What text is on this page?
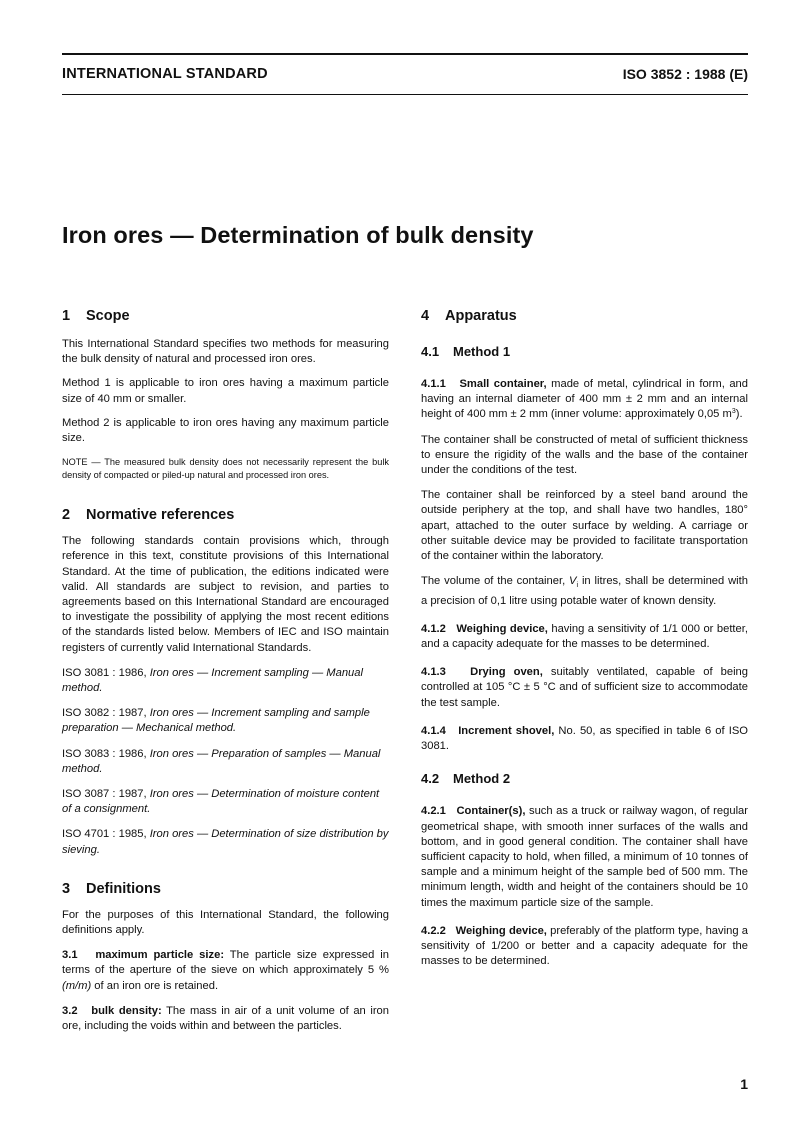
INTERNATIONAL STANDARD	ISO 3852 : 1988 (E)
Iron ores — Determination of bulk density
1 Scope

This International Standard specifies two methods for measuring the bulk density of natural and processed iron ores.

Method 1 is applicable to iron ores having a maximum particle size of 40 mm or smaller.

Method 2 is applicable to iron ores having any maximum particle size.

NOTE — The measured bulk density does not necessarily represent the bulk density of compacted or piled-up natural and processed iron ores.

2 Normative references

The following standards contain provisions which, through reference in this text, constitute provisions of this International Standard. At the time of publication, the editions indicated were valid. All standards are subject to revision, and parties to agreements based on this International Standard are encouraged to investigate the possibility of applying the most recent editions of the standards listed below. Members of IEC and ISO maintain registers of currently valid International Standards.

ISO 3081 : 1986, Iron ores — Increment sampling — Manual method.

ISO 3082 : 1987, Iron ores — Increment sampling and sample preparation — Mechanical method.

ISO 3083 : 1986, Iron ores — Preparation of samples — Manual method.

ISO 3087 : 1987, Iron ores — Determination of moisture content of a consignment.

ISO 4701 : 1985, Iron ores — Determination of size distribution by sieving.

3 Definitions

For the purposes of this International Standard, the following definitions apply.

3.1 maximum particle size: The particle size expressed in terms of the aperture of the sieve on which approximately 5 % (m/m) of an iron ore is retained.

3.2 bulk density: The mass in air of a unit volume of an iron ore, including the voids within and between the particles.

4 Apparatus
4.1 Method 1

4.1.1 Small container, made of metal, cylindrical in form, and having an internal diameter of 400 mm ± 2 mm and an internal height of 400 mm ± 2 mm (inner volume: approximately 0,05 $m^3$).

The container shall be constructed of metal of sufficient thickness to ensure the rigidity of the walls and the base of the container under the conditions of the test.

The container shall be reinforced by a steel band around the outside periphery at the top, and shall have two handles, 180° apart, attached to the outer surface by welding. A carriage or other suitable device may be provided to facilitate transportation of the container within the laboratory.

The volume of the container, $V_i$ in litres, shall be determined with a precision of 0,1 litre using potable water of known density.

4.1.2 Weighing device, having a sensitivity of 1/1 000 or better, and a capacity adequate for the masses to be determined.

4.1.3 Drying oven, suitably ventilated, capable of being controlled at 105 °C ± 5 °C and of sufficient size to accommodate the test sample.

4.1.4 Increment shovel, No. 50, as specified in table 6 of ISO 3081.

4.2 Method 2

4.2.1 Container(s), such as a truck or railway wagon, of regular geometrical shape, with smooth inner surfaces of the walls and bottom, and in good general condition. The container shall have sufficient capacity to hold, when filled, a minimum of 10 tonnes of sample and a minimum height of the sample bed of 500 mm. The minimum length, width and height of the containers should be 10 times the maximum particle size of the sample.

4.2.2 Weighing device, preferably of the platform type, having a sensitivity of 1/200 or better and a capacity adequate for the masses to be determined.

1
